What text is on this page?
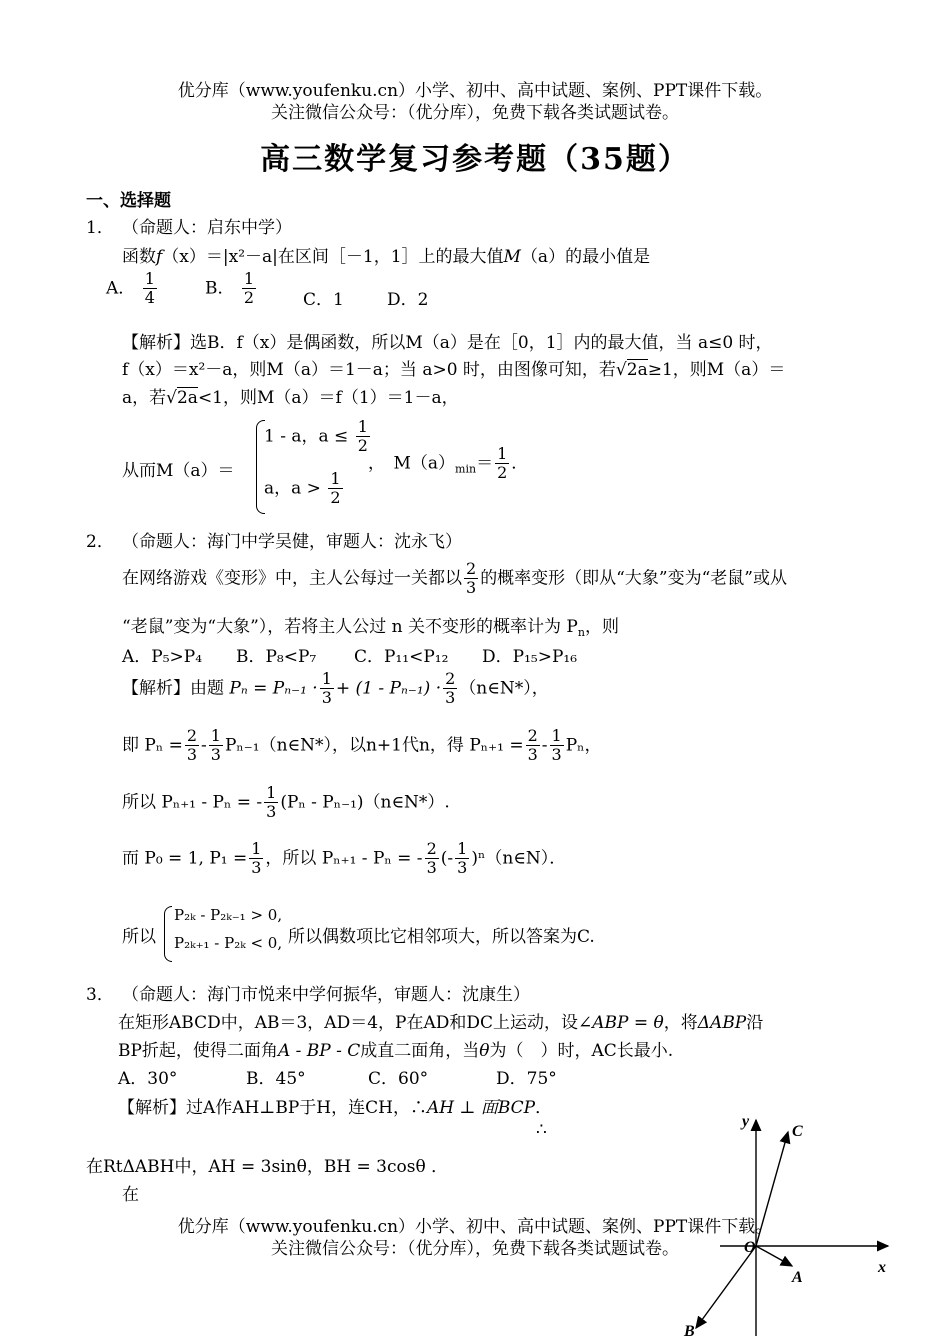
优分库（www.youfenku.cn）小学、初中、高中试题、案例、PPT课件下载。
关注微信公众号：（优分库），免费下载各类试题试卷。
高三数学复习参考题（35题）
一、选择题
1． （命题人：启东中学）
函数f（x）＝|x²－a|在区间［－1，1］上的最大值M（a）的最小值是
A． $\frac{1}{4}$	B． $\frac{1}{2}$	C．1	D．2
【解析】选B．f（x）是偶函数，所以M（a）是在［0，1］内的最大值，当 a≤0 时，
f（x）＝x²－a，则M（a）＝1－a；当 a>0 时，由图像可知，若√2a≥1，则M（a）＝
a，若√2a<1，则M（a）＝f（1）＝1－a，
从而M（a）＝
1 - a，$a \le \frac{1}{2}$
a，$a > \frac{1}{2}$
，　$M(a)_{min}= \frac{1}{2}$ ．
2． （命题人：海门中学吴健，审题人：沈永飞）
在网络游戏《变形》中，主人公每过一关都以 $\frac{2}{3}$ 的概率变形（即从“大象”变为“老鼠”或从
“老鼠”变为“大象”），若将主人公过 n 关不变形的概率计为 $P_n$，则
A．P₅>P₄ B．P₈<P₇ C．P₁₁<P₁₂ D．P₁₅>P₁₆
【解析】由题 $P_n = P_{n-1} \cdot \frac{1}{3} + (1 - P_{n-1}) \cdot \frac{2}{3}$ （n∈N*），
即 $P_n = \frac{2}{3} - \frac{1}{3}$ Pₙ₋₁（n∈N*），以n+1代n，得 $P_{n+1} = \frac{2}{3} - \frac{1}{3}$ Pₙ，
所以 Pₙ₊₁ - Pₙ = - $\frac{1}{3} (P_n$ - Pₙ₋₁)（n∈N*）.
而 P₀ = 1, $P_1 = \frac{1}{3}$ ，所以 Pₙ₊₁ - Pₙ = - $\frac{2}{3}$ (- $\frac{1}{3}$ )ⁿ（n∈N）．
所以
P₂ₖ - P₂ₖ₋₁ > 0,
P₂ₖ₊₁ - P₂ₖ < 0, 所以偶数项比它相邻项大，所以答案为C.
3． （命题人：海门市悦来中学何振华，审题人：沈康生）
在矩形ABCD中，AB＝3，AD＝4，P在AD和DC上运动，设∠ABP = θ，将ΔABP沿
BP折起，使得二面角A - BP - C成直二面角，当θ为（　）时，AC长最小.
A．30°	B．45°	C．60°	D．75°
【解析】过A作AH⊥BP于H，连CH，∴AH ⊥ 面BCP．
∴
在RtΔABH中，AH = 3sinθ，BH = 3cosθ ．
在
优分库（www.youfenku.cn）小学、初中、高中试题、案例、PPT课件下载。
关注微信公众号：（优分库），免费下载各类试题试卷。
y
x
C
O
A
B
